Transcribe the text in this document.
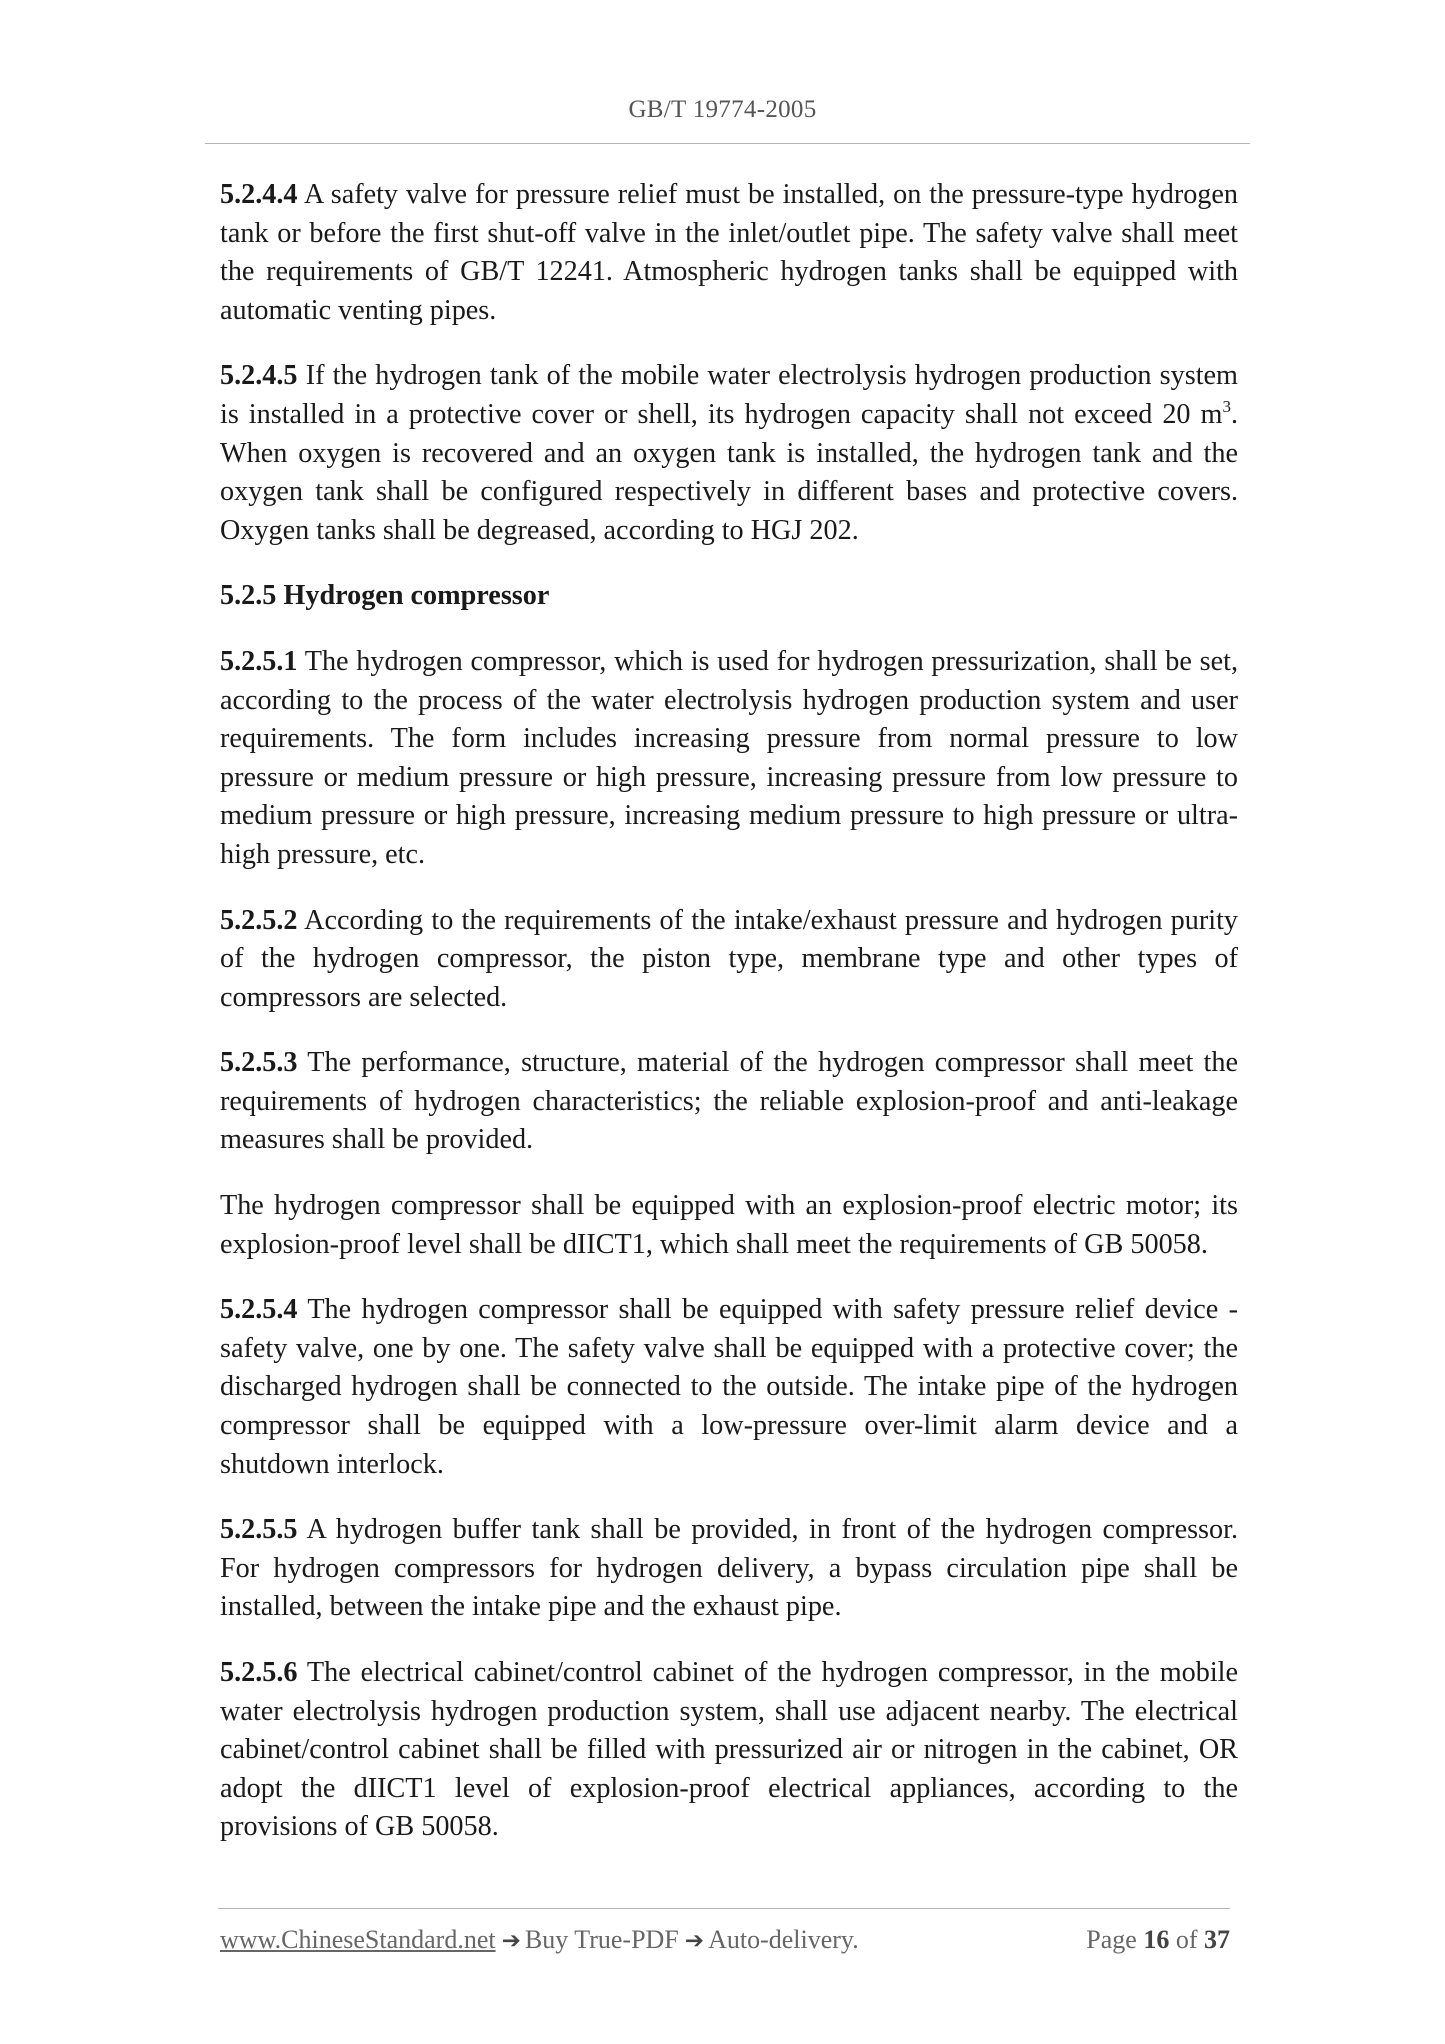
GB/T 19774-2005

5.2.4.4 A safety valve for pressure relief must be installed, on the pressure-type hydrogen tank or before the first shut-off valve in the inlet/outlet pipe. The safety valve shall meet the requirements of GB/T 12241. Atmospheric hydrogen tanks shall be equipped with automatic venting pipes.

5.2.4.5 If the hydrogen tank of the mobile water electrolysis hydrogen production system is installed in a protective cover or shell, its hydrogen capacity shall not exceed 20 $m^3$. When oxygen is recovered and an oxygen tank is installed, the hydrogen tank and the oxygen tank shall be configured respectively in different bases and protective covers. Oxygen tanks shall be degreased, according to HGJ 202.

5.2.5 Hydrogen compressor

5.2.5.1 The hydrogen compressor, which is used for hydrogen pressurization, shall be set, according to the process of the water electrolysis hydrogen production system and user requirements. The form includes increasing pressure from normal pressure to low pressure or medium pressure or high pressure, increasing pressure from low pressure to medium pressure or high pressure, increasing medium pressure to high pressure or ultra-high pressure, etc.

5.2.5.2 According to the requirements of the intake/exhaust pressure and hydrogen purity of the hydrogen compressor, the piston type, membrane type and other types of compressors are selected.

5.2.5.3 The performance, structure, material of the hydrogen compressor shall meet the requirements of hydrogen characteristics; the reliable explosion-proof and anti-leakage measures shall be provided.

The hydrogen compressor shall be equipped with an explosion-proof electric motor; its explosion-proof level shall be dIICT1, which shall meet the requirements of GB 50058.

5.2.5.4 The hydrogen compressor shall be equipped with safety pressure relief device - safety valve, one by one. The safety valve shall be equipped with a protective cover; the discharged hydrogen shall be connected to the outside. The intake pipe of the hydrogen compressor shall be equipped with a low-pressure over-limit alarm device and a shutdown interlock.

5.2.5.5 A hydrogen buffer tank shall be provided, in front of the hydrogen compressor. For hydrogen compressors for hydrogen delivery, a bypass circulation pipe shall be installed, between the intake pipe and the exhaust pipe.

5.2.5.6 The electrical cabinet/control cabinet of the hydrogen compressor, in the mobile water electrolysis hydrogen production system, shall use adjacent nearby. The electrical cabinet/control cabinet shall be filled with pressurized air or nitrogen in the cabinet, OR adopt the dIICT1 level of explosion-proof electrical appliances, according to the provisions of GB 50058.

www.ChineseStandard.net ➔ Buy True-PDF ➔ Auto-delivery.	Page 16 of 37
